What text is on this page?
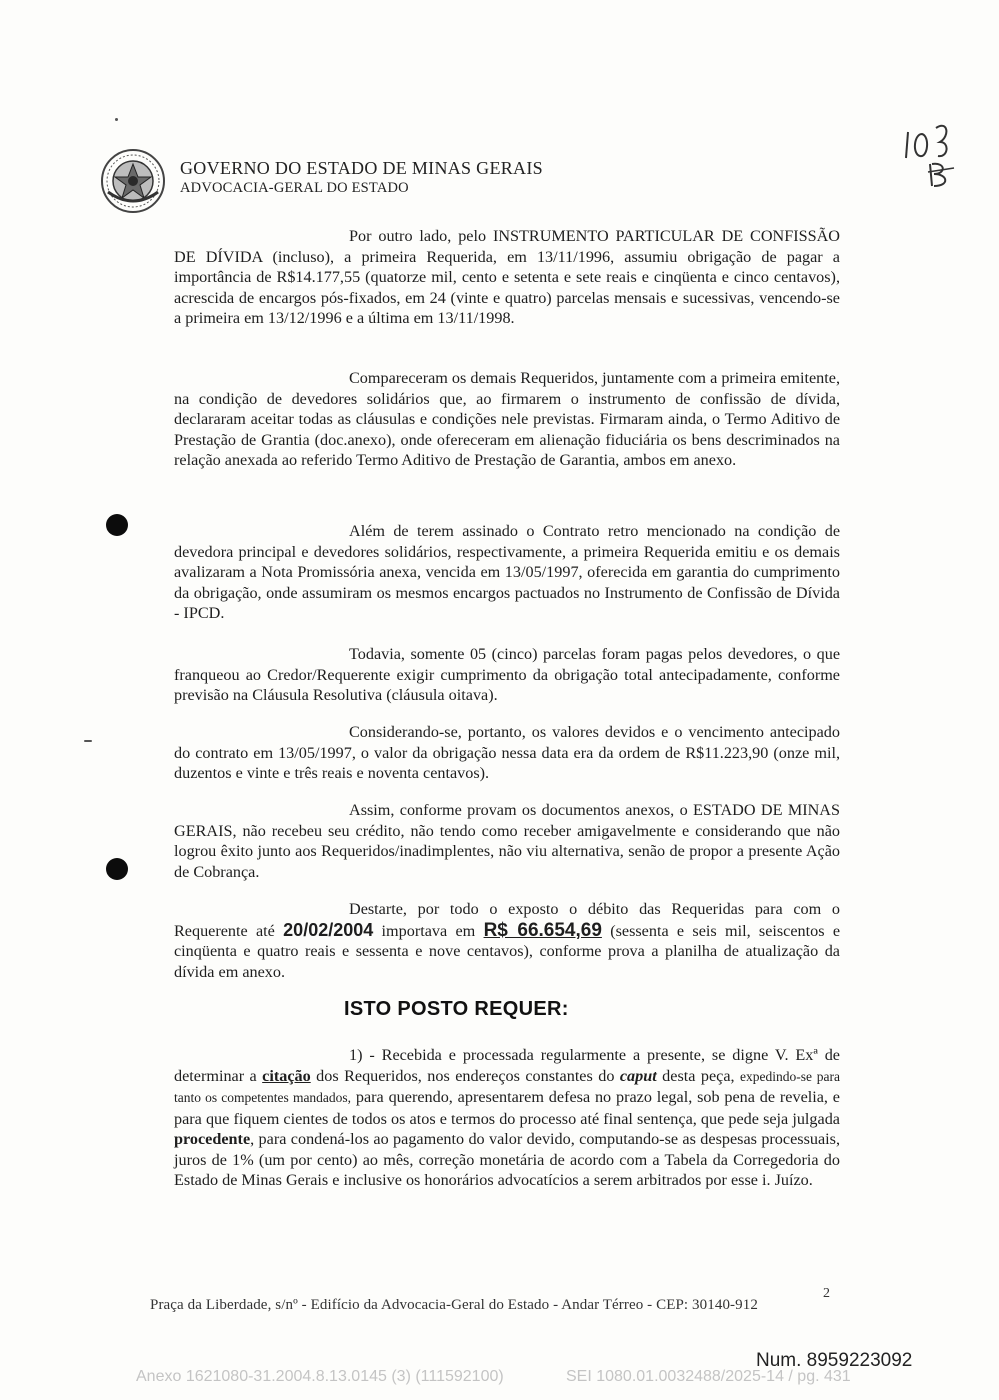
GOVERNO DO ESTADO DE MINAS GERAIS
ADVOCACIA-GERAL DO ESTADO
Por outro lado, pelo INSTRUMENTO PARTICULAR DE CONFISSÃO DE DÍVIDA (incluso), a primeira Requerida, em 13/11/1996, assumiu obrigação de pagar a importância de R$14.177,55 (quatorze mil, cento e setenta e sete reais e cinqüenta e cinco centavos), acrescida de encargos pós-fixados, em 24 (vinte e quatro) parcelas mensais e sucessivas, vencendo-se a primeira em 13/12/1996 e a última em 13/11/1998.
Compareceram os demais Requeridos, juntamente com a primeira emitente, na condição de devedores solidários que, ao firmarem o instrumento de confissão de dívida, declararam aceitar todas as cláusulas e condições nele previstas. Firmaram ainda, o Termo Aditivo de Prestação de Grantia (doc.anexo), onde ofereceram em alienação fiduciária os bens descriminados na relação anexada ao referido Termo Aditivo de Prestação de Garantia, ambos em anexo.
Além de terem assinado o Contrato retro mencionado na condição de devedora principal e devedores solidários, respectivamente, a primeira Requerida emitiu e os demais avalizaram a Nota Promissória anexa, vencida em 13/05/1997, oferecida em garantia do cumprimento da obrigação, onde assumiram os mesmos encargos pactuados no Instrumento de Confissão de Dívida - IPCD.
Todavia, somente 05 (cinco) parcelas foram pagas pelos devedores, o que franqueou ao Credor/Requerente exigir cumprimento da obrigação total antecipadamente, conforme previsão na Cláusula Resolutiva (cláusula oitava).
Considerando-se, portanto, os valores devidos e o vencimento antecipado do contrato em 13/05/1997, o valor da obrigação nessa data era da ordem de R$11.223,90 (onze mil, duzentos e vinte e três reais e noventa centavos).
Assim, conforme provam os documentos anexos, o ESTADO DE MINAS GERAIS, não recebeu seu crédito, não tendo como receber amigavelmente e considerando que não logrou êxito junto aos Requeridos/inadimplentes, não viu alternativa, senão de propor a presente Ação de Cobrança.
Destarte, por todo o exposto o débito das Requeridas para com o Requerente até 20/02/2004 importava em R$ 66.654,69 (sessenta e seis mil, seiscentos e cinqüenta e quatro reais e sessenta e nove centavos), conforme prova a planilha de atualização da dívida em anexo.
ISTO POSTO REQUER:
1) - Recebida e processada regularmente a presente, se digne V. Exª de determinar a citação dos Requeridos, nos endereços constantes do caput desta peça, expedindo-se para tanto os competentes mandados, para querendo, apresentarem defesa no prazo legal, sob pena de revelia, e para que fiquem cientes de todos os atos e termos do processo até final sentença, que pede seja julgada procedente, para condená-los ao pagamento do valor devido, computando-se as despesas processuais, juros de 1% (um por cento) ao mês, correção monetária de acordo com a Tabela da Corregedoria do Estado de Minas Gerais e inclusive os honorários advocatícios a serem arbitrados por esse i. Juízo.
Praça da Liberdade, s/nº - Edifício da Advocacia-Geral do Estado - Andar Térreo - CEP: 30140-912
2
Num. 8959223092
Anexo 1621080-31.2004.8.13.0145 (3) (111592100)	SEI 1080.01.0032488/2025-14 / pg. 431
